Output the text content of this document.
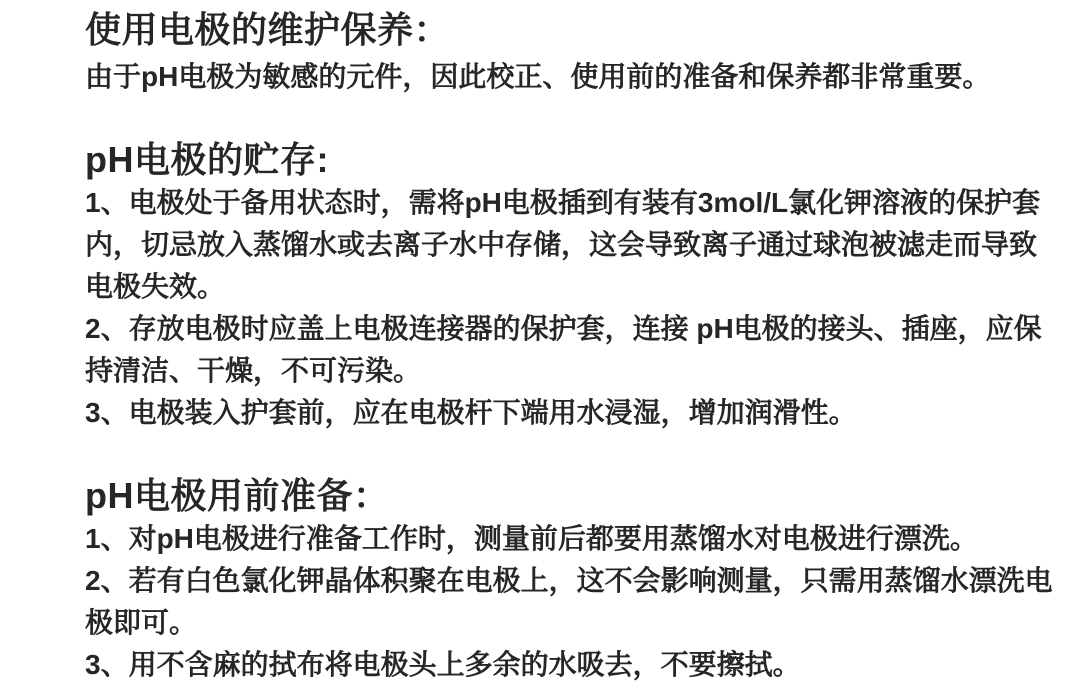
使用电极的维护保养：

由于pH电极为敏感的元件，因此校正、使用前的准备和保养都非常重要。

pH电极的贮存:

1、电极处于备用状态时，需将pH电极插到有装有3mol/L氯化钾溶液的保护套内，切忌放入蒸馏水或去离子水中存储，这会导致离子通过球泡被滤走而导致电极失效。

2、存放电极时应盖上电极连接器的保护套，连接 pH电极的接头、插座，应保持清洁、干燥，不可污染。

3、电极装入护套前，应在电极杆下端用水浸湿，增加润滑性。

pH电极用前准备：

1、对pH电极进行准备工作时，测量前后都要用蒸馏水对电极进行漂洗。

2、若有白色氯化钾晶体积聚在电极上，这不会影响测量，只需用蒸馏水漂洗电极即可。

3、用不含麻的拭布将电极头上多余的水吸去，不要擦拭。
